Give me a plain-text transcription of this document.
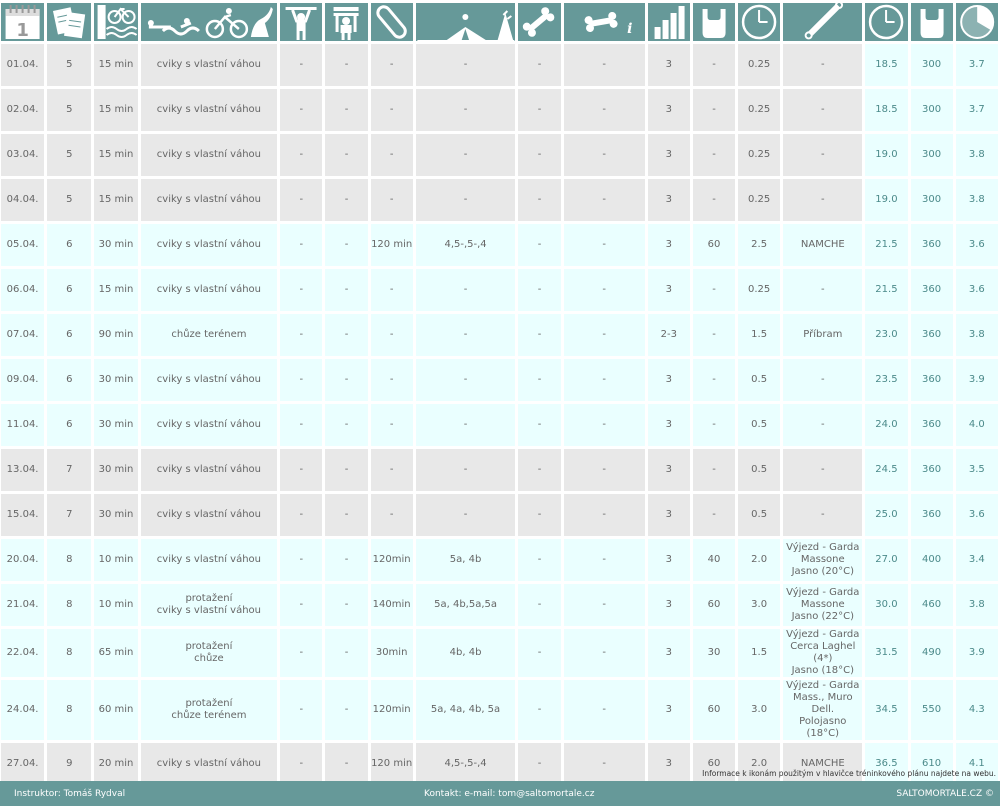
1									i

01.04.	5	15 min	cviky s vlastní váhou	-	-	-	-	-	-	3	-	0.25	-	18.5	300	3.7
02.04.	5	15 min	cviky s vlastní váhou	-	-	-	-	-	-	3	-	0.25	-	18.5	300	3.7
03.04.	5	15 min	cviky s vlastní váhou	-	-	-	-	-	-	3	-	0.25	-	19.0	300	3.8
04.04.	5	15 min	cviky s vlastní váhou	-	-	-	-	-	-	3	-	0.25	-	19.0	300	3.8
05.04.	6	30 min	cviky s vlastní váhou	-	-	120 min	4,5-,5-,4	-	-	3	60	2.5	NAMCHE	21.5	360	3.6
06.04.	6	15 min	cviky s vlastní váhou	-	-	-	-	-	-	3	-	0.25	-	21.5	360	3.6
07.04.	6	90 min	chůze terénem	-	-	-	-	-	-	2-3	-	1.5	Příbram	23.0	360	3.8
09.04.	6	30 min	cviky s vlastní váhou	-	-	-	-	-	-	3	-	0.5	-	23.5	360	3.9
11.04.	6	30 min	cviky s vlastní váhou	-	-	-	-	-	-	3	-	0.5	-	24.0	360	4.0
13.04.	7	30 min	cviky s vlastní váhou	-	-	-	-	-	-	3	-	0.5	-	24.5	360	3.5
15.04.	7	30 min	cviky s vlastní váhou	-	-	-	-	-	-	3	-	0.5	-	25.0	360	3.6
20.04.	8	10 min	cviky s vlastní váhou	-	-	120min	5a, 4b	-	-	3	40	2.0	Výjezd - Garda
Massone
Jasno (20°C)	27.0	400	3.4
21.04.	8	10 min	protažení
cviky s vlastní váhou	-	-	140min	5a, 4b,5a,5a	-	-	3	60	3.0	Výjezd - Garda
Massone
Jasno (22°C)	30.0	460	3.8
22.04.	8	65 min	protažení
chůze	-	-	30min	4b, 4b	-	-	3	30	1.5	Výjezd - Garda
Cerca Laghel (4*)
Jasno (18°C)	31.5	490	3.9
24.04.	8	60 min	protažení
chůze terénem	-	-	120min	5a, 4a, 4b, 5a	-	-	3	60	3.0	Výjezd - Garda
Mass., Muro Dell.
Polojasno (18°C)	34.5	550	4.3
27.04.	9	20 min	cviky s vlastní váhou	-	-	120 min	4,5-,5-,4	-	-	3	60	2.0	NAMCHE	36.5	610	4.1
Informace k ikonám použitým v hlavičce tréninkového plánu najdete na webu.
Instruktor: Tomáš Rydval	Kontakt: e-mail: tom@saltomortale.cz	SALTOMORTALE.CZ ©
